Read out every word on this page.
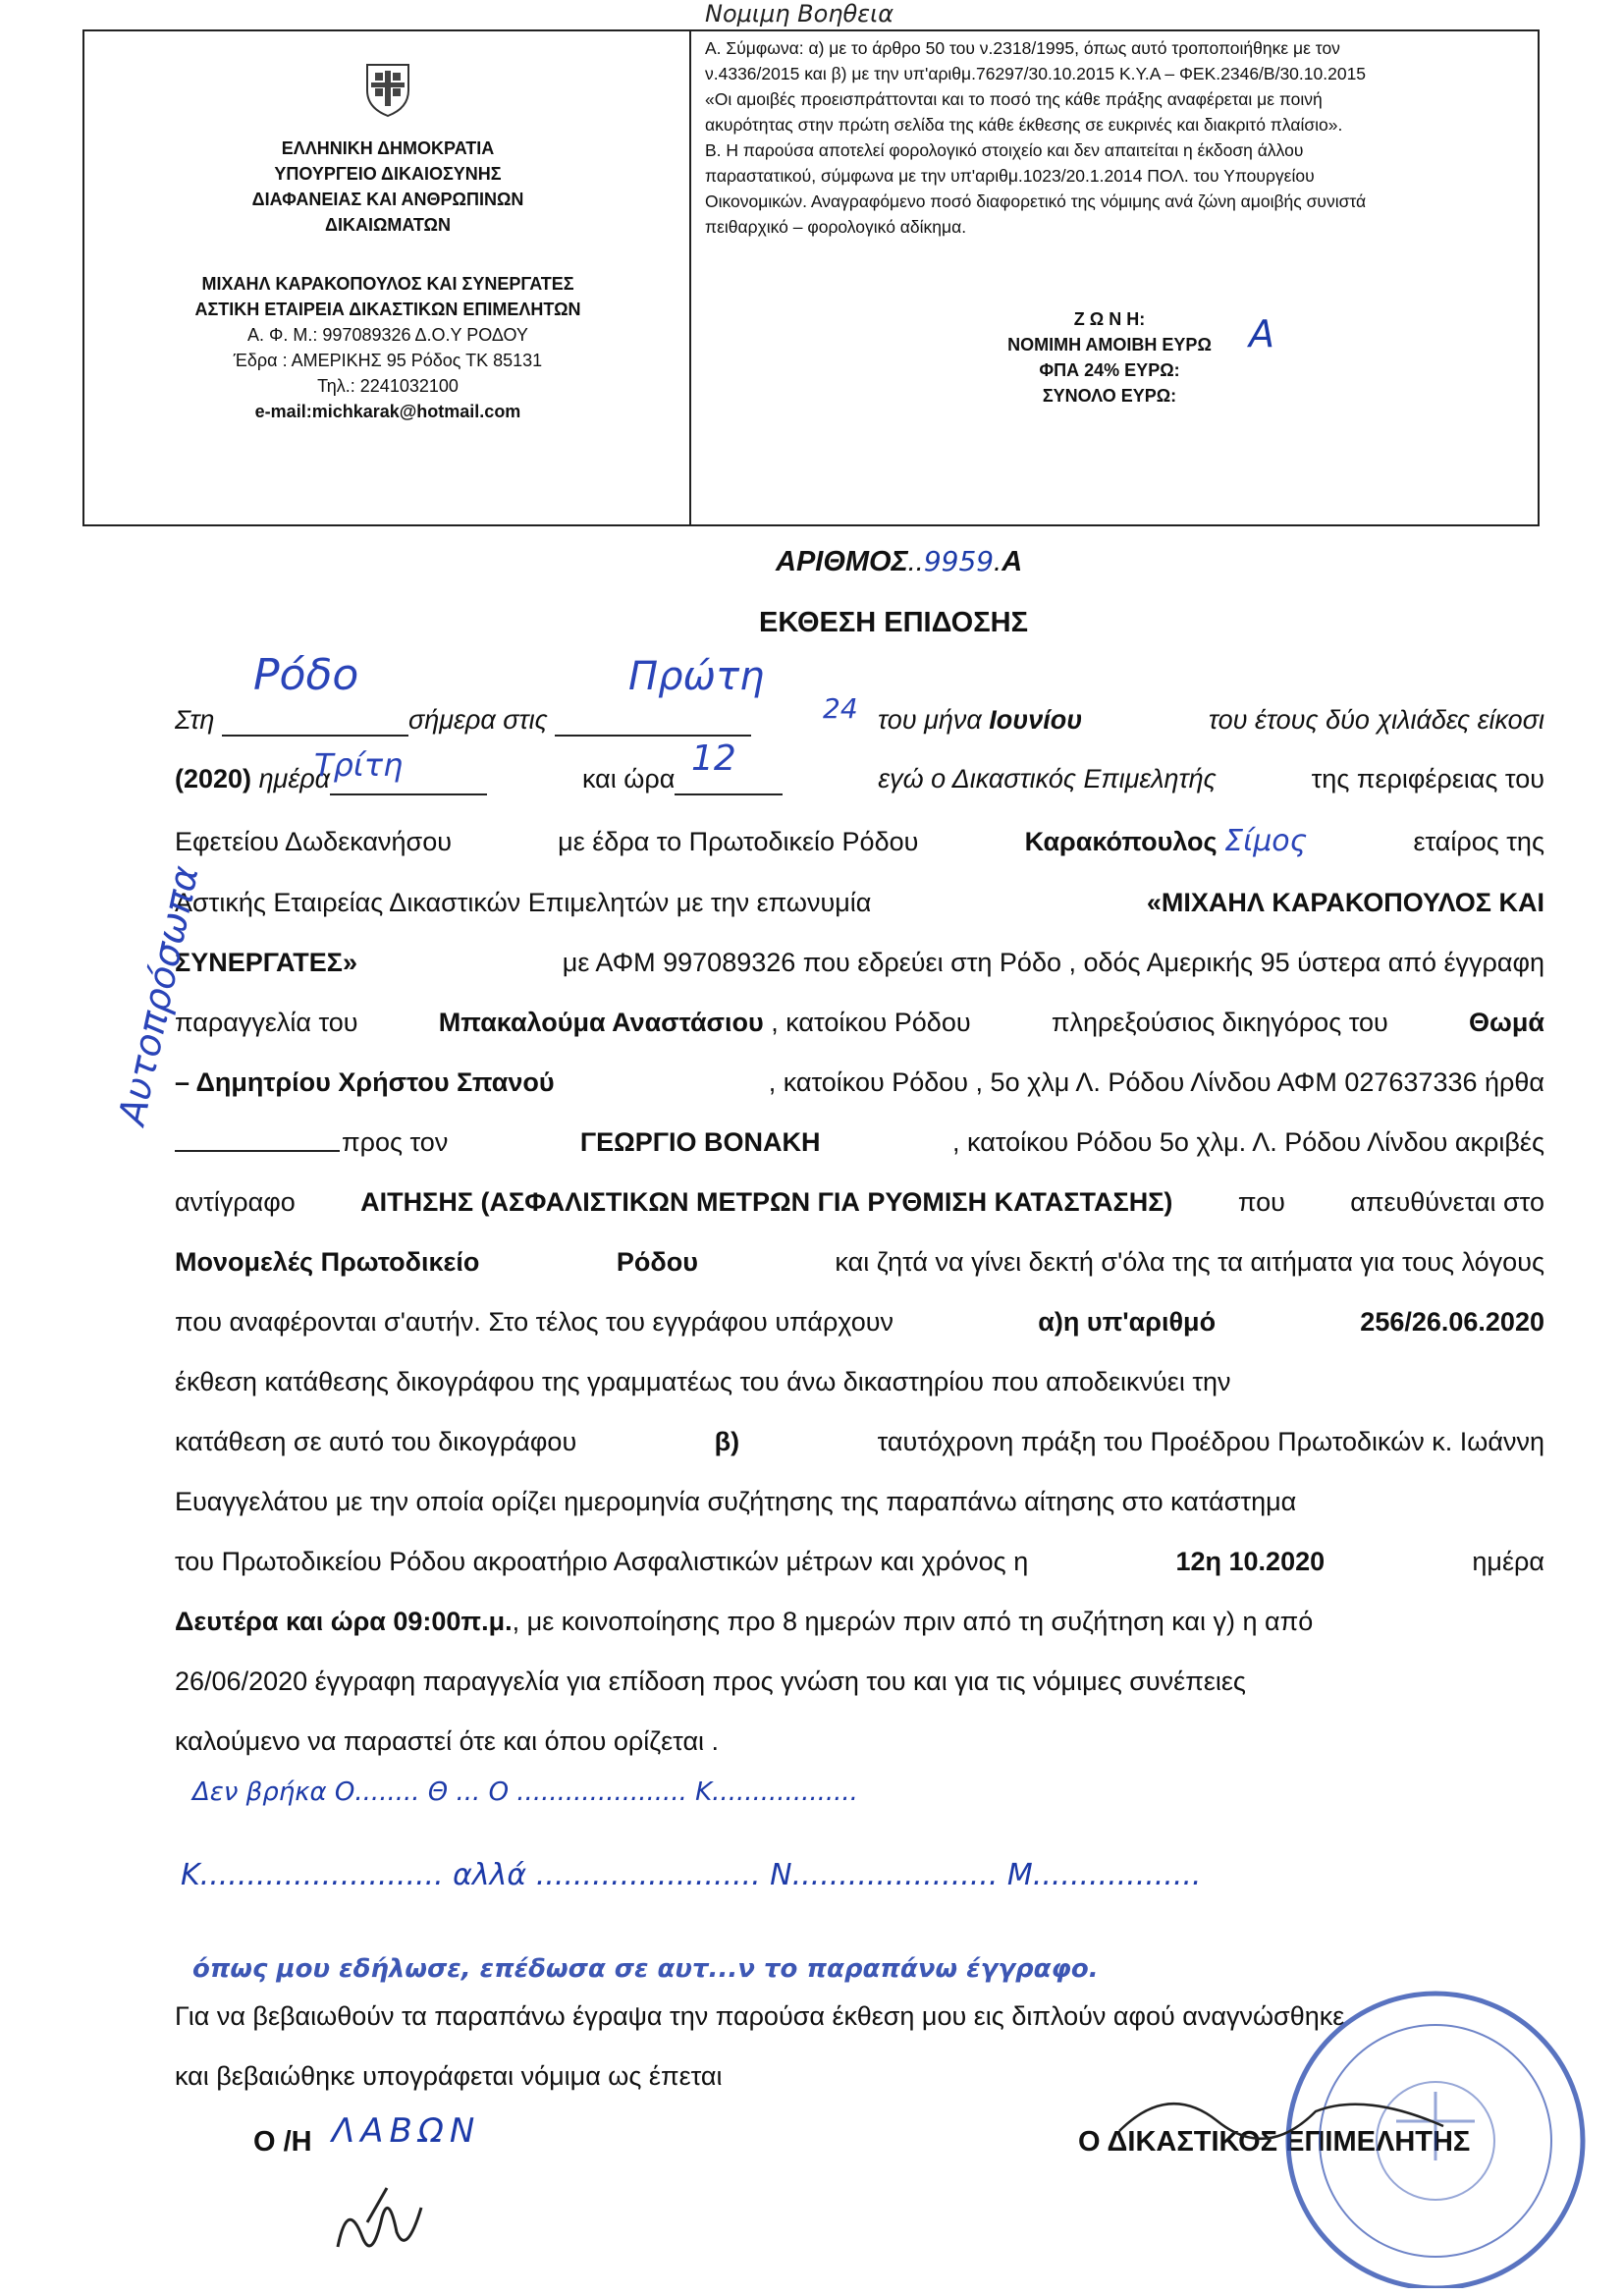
Νομιμη Βοηθεια
ΕΛΛΗΝΙΚΗ ΔΗΜΟΚΡΑΤΙΑ
ΥΠΟΥΡΓΕΙΟ ΔΙΚΑΙΟΣΥΝΗΣ
ΔΙΑΦΑΝΕΙΑΣ ΚΑΙ ΑΝΘΡΩΠΙΝΩΝ
ΔΙΚΑΙΩΜΑΤΩΝ
ΜΙΧΑΗΛ ΚΑΡΑΚΟΠΟΥΛΟΣ ΚΑΙ ΣΥΝΕΡΓΑΤΕΣ
ΑΣΤΙΚΗ ΕΤΑΙΡΕΙΑ ΔΙΚΑΣΤΙΚΩΝ ΕΠΙΜΕΛΗΤΩΝ
Α. Φ. Μ.: 997089326 Δ.Ο.Υ ΡΟΔΟΥ
Έδρα : ΑΜΕΡΙΚΗΣ 95 Ρόδος ΤΚ 85131
Τηλ.: 2241032100
e-mail:michkarak@hotmail.com
Α. Σύμφωνα: α) με το άρθρο 50 του ν.2318/1995, όπως αυτό τροποποιήθηκε με τον
ν.4336/2015 και β) με την υπ'αριθμ.76297/30.10.2015 Κ.Υ.Α – ΦΕΚ.2346/Β/30.10.2015
«Οι αμοιβές προεισπράττονται και το ποσό της κάθε πράξης αναφέρεται με ποινή
ακυρότητας στην πρώτη σελίδα της κάθε έκθεσης σε ευκρινές και διακριτό πλαίσιο».
Β. Η παρούσα αποτελεί φορολογικό στοιχείο και δεν απαιτείται η έκδοση άλλου
παραστατικού, σύμφωνα με την υπ'αριθμ.1023/20.1.2014 ΠΟΛ. του Υπουργείου
Οικονομικών. Αναγραφόμενο ποσό διαφορετικό της νόμιμης ανά ζώνη αμοιβής συνιστά
πειθαρχικό – φορολογικό αδίκημα.
Ζ Ω Ν Η:
ΝΟΜΙΜΗ ΑΜΟΙΒΗ ΕΥΡΩ
ΦΠΑ 24% ΕΥΡΩ:
ΣΥΝΟΛΟ ΕΥΡΩ:
Α
ΑΡΙΘΜΟΣ..9959.Α
ΕΚΘΕΣΗ ΕΠΙΔΟΣΗΣ
Στη	σήμερα στις	του μήνα Ιουνίου	του έτους δύο χιλιάδες είκοσι
Ρόδο	Πρώτη
24
(2020) ημέρα	και ώρα	εγώ ο Δικαστικός Επιμελητής	της περιφέρειας του
Τρίτη	12
Εφετείου Δωδεκανήσου	με έδρα το Πρωτοδικείο Ρόδου	Καρακόπουλος Σίμος	εταίρος της
Αστικής Εταιρείας Δικαστικών Επιμελητών με την επωνυμία	«ΜΙΧΑΗΛ ΚΑΡΑΚΟΠΟΥΛΟΣ ΚΑΙ
ΣΥΝΕΡΓΑΤΕΣ»	με ΑΦΜ 997089326 που εδρεύει στη Ρόδο , οδός Αμερικής 95 ύστερα από έγγραφη
παραγγελία του	Μπακαλούμα Αναστάσιου , κατοίκου Ρόδου	πληρεξούσιος δικηγόρος του	Θωμά
– Δημητρίου Χρήστου Σπανού	, κατοίκου Ρόδου , 5ο χλμ Λ. Ρόδου Λίνδου ΑΦΜ 027637336 ήρθα
προς τον	ΓΕΩΡΓΙΟ ΒΟΝΑΚΗ	, κατοίκου Ρόδου 5ο χλμ. Λ. Ρόδου Λίνδου ακριβές
Αυτοπρόσωπα
αντίγραφο ΑΙΤΗΣΗΣ (ΑΣΦΑΛΙΣΤΙΚΩΝ ΜΕΤΡΩΝ ΓΙΑ ΡΥΘΜΙΣΗ ΚΑΤΑΣΤΑΣΗΣ) που απευθύνεται στο
Μονομελές Πρωτοδικείο	Ρόδου	και ζητά να γίνει δεκτή σ'όλα της τα αιτήματα για τους λόγους
που αναφέρονται σ'αυτήν. Στο τέλος του εγγράφου υπάρχουν	α)η υπ'αριθμό	256/26.06.2020
έκθεση κατάθεσης δικογράφου της γραμματέως του άνω δικαστηρίου που αποδεικνύει την
κατάθεση σε αυτό του δικογράφου	β)	ταυτόχρονη πράξη του Προέδρου Πρωτοδικών κ. Ιωάννη
Ευαγγελάτου με την οποία ορίζει ημερομηνία συζήτησης της παραπάνω αίτησης στο κατάστημα
του Πρωτοδικείου Ρόδου ακροατήριο Ασφαλιστικών μέτρων και χρόνος η	12η 10.2020	ημέρα
Δευτέρα και ώρα 09:00π.μ., με κοινοποίησης προ 8 ημερών πριν από τη συζήτηση και γ) η από
26/06/2020 έγγραφη παραγγελία για επίδοση προς γνώση του και για τις νόμιμες συνέπειες
καλούμενο να παραστεί ότε και όπου ορίζεται .
Δεν βρήκα Ο........ Θ ... Ο ..................... Κ..................
Κ.......................... αλλά ........................ Ν...................... Μ..................
όπως μου εδήλωσε, επέδωσα σε αυτ...ν το παραπάνω έγγραφο.
Για να βεβαιωθούν τα παραπάνω έγραψα την παρούσα έκθεση μου εις διπλούν αφού αναγνώσθηκε
και βεβαιώθηκε υπογράφεται νόμιμα ως έπεται
Ο /Η ΛΑΒΩΝ	Ο ΔΙΚΑΣΤΙΚΟΣ ΕΠΙΜΕΛΗΤΗΣ
